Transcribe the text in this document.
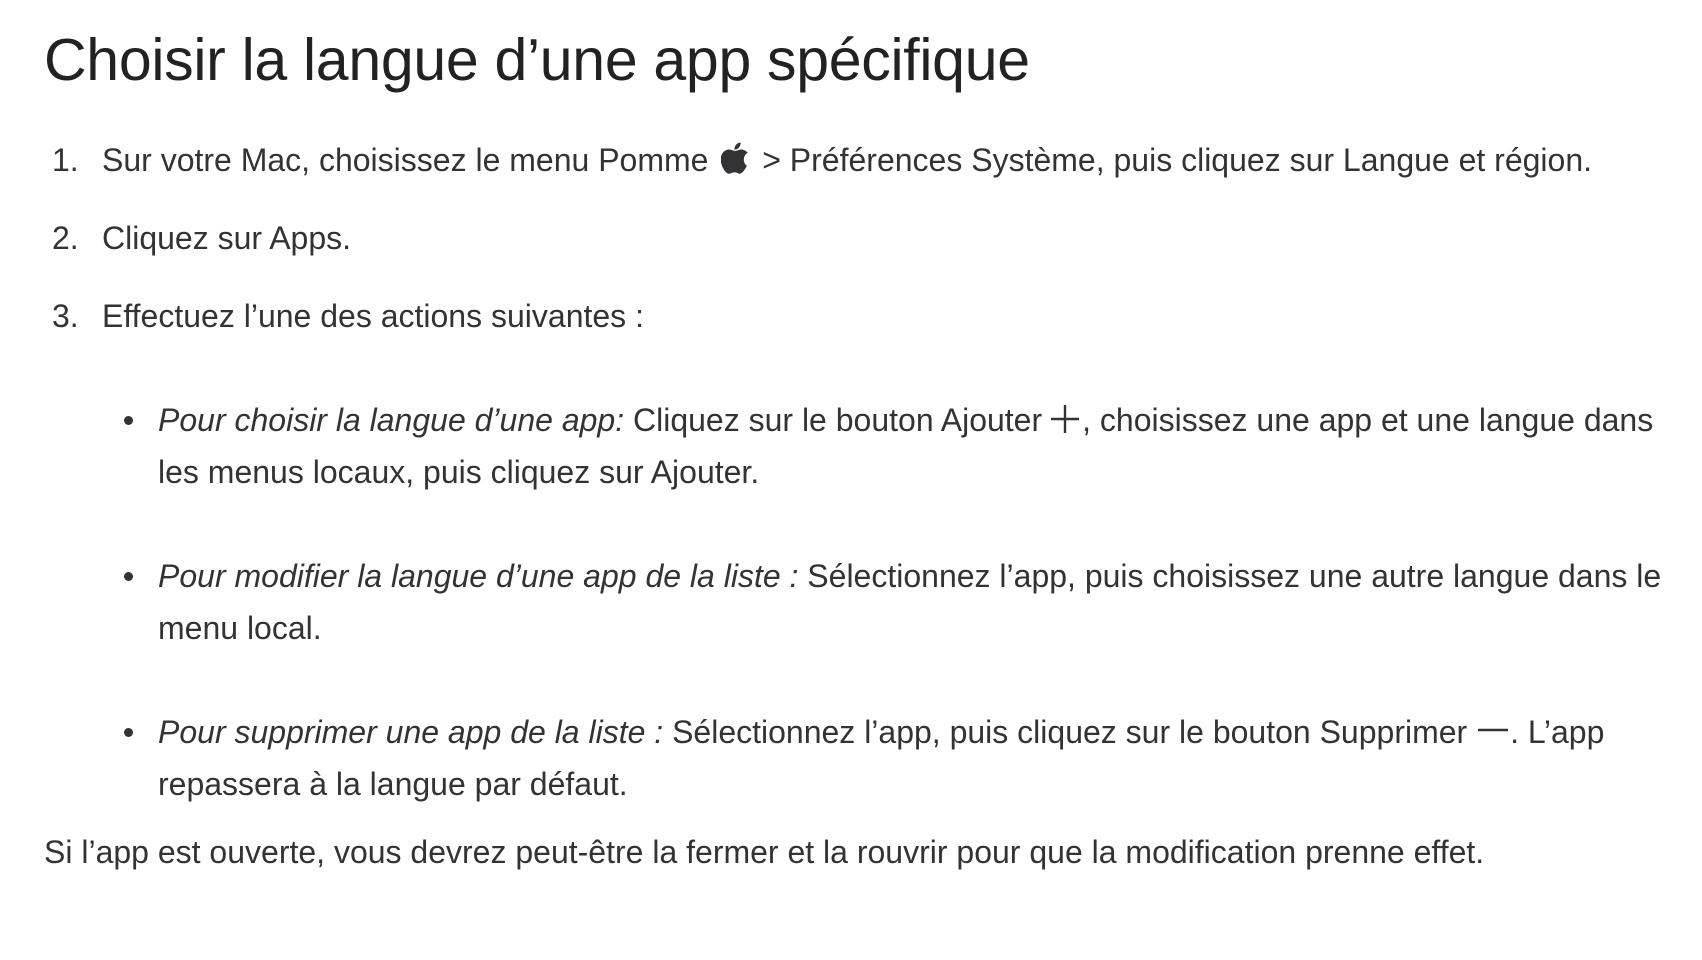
Choisir la langue d’une app spécifique
1. Sur votre Mac, choisissez le menu Pomme  > Préférences Système, puis cliquez sur Langue et région.
2. Cliquez sur Apps.
3. Effectuez l’une des actions suivantes :
Pour choisir la langue d’une app: Cliquez sur le bouton Ajouter , choisissez une app et une langue dans les menus locaux, puis cliquez sur Ajouter.
Pour modifier la langue d’une app de la liste : Sélectionnez l’app, puis choisissez une autre langue dans le menu local.
Pour supprimer une app de la liste : Sélectionnez l’app, puis cliquez sur le bouton Supprimer . L’app repassera à la langue par défaut.

Si l’app est ouverte, vous devrez peut-être la fermer et la rouvrir pour que la modification prenne effet.
